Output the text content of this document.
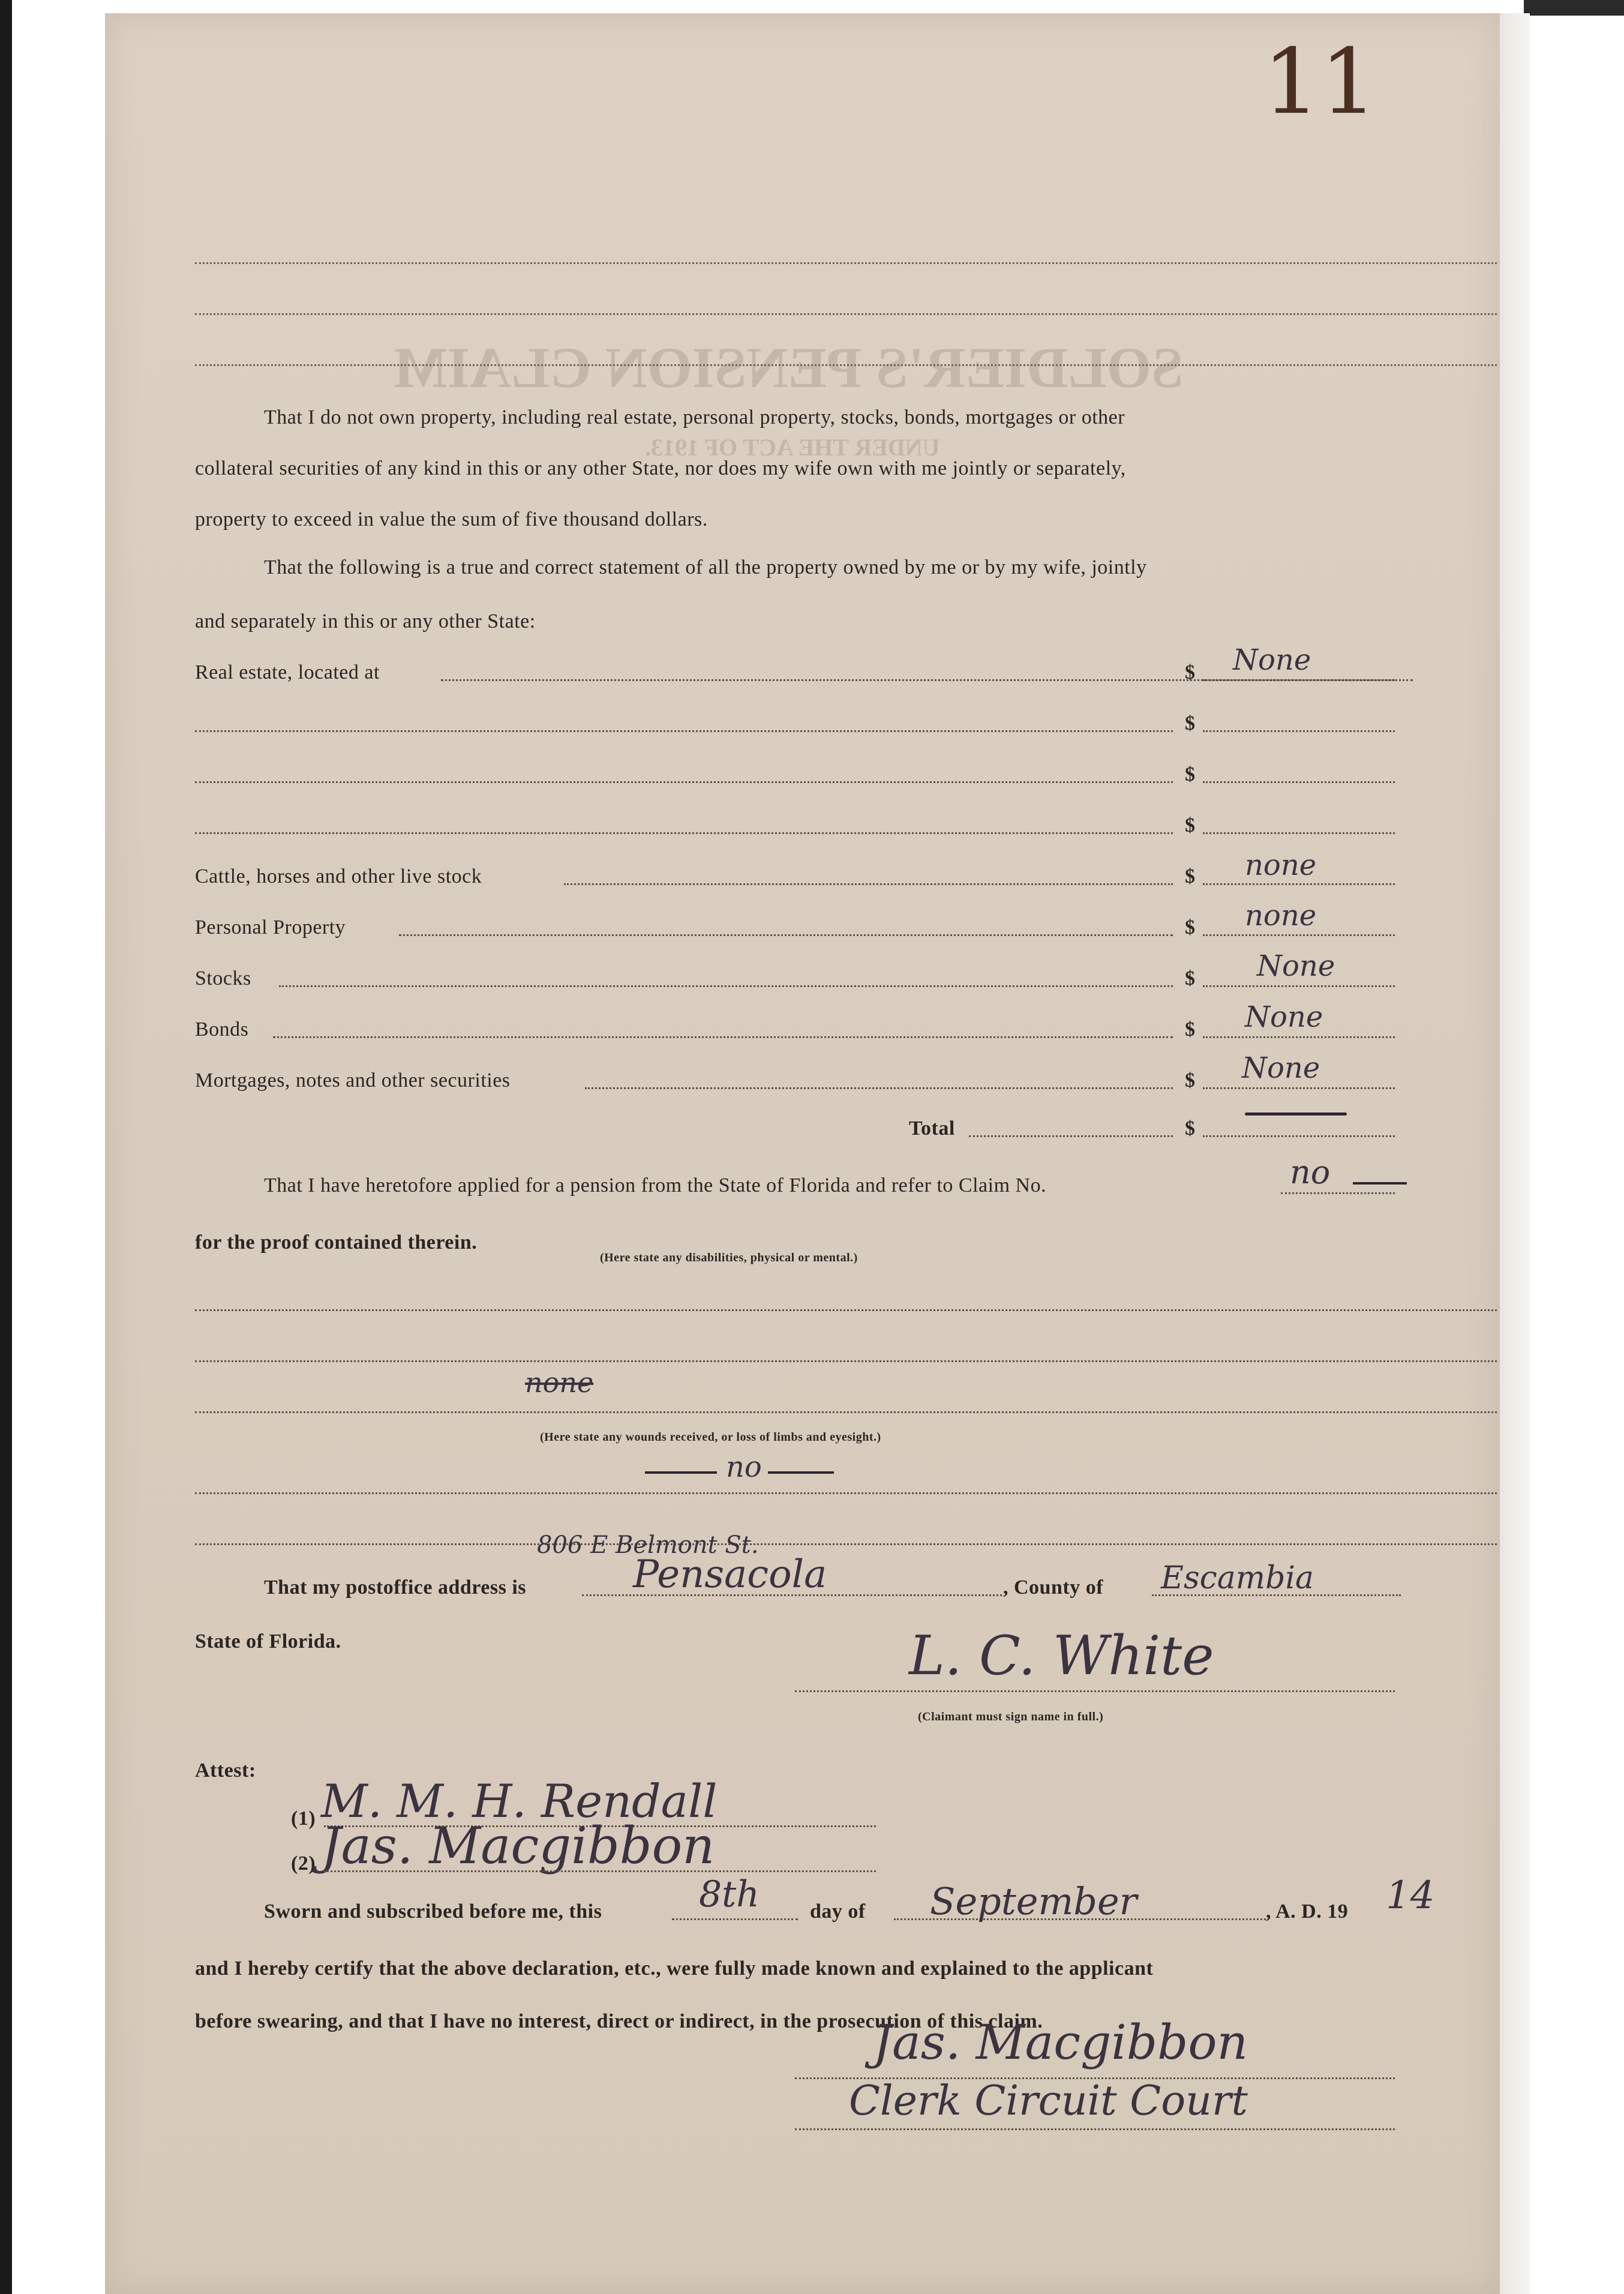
SOLDIER'S PENSION CLAIM
UNDER THE ACT OF 1913.
11
That I do not own property, including real estate, personal property, stocks, bonds, mortgages or other
collateral securities of any kind in this or any other State, nor does my wife own with me jointly or separately,
property to exceed in value the sum of five thousand dollars.
That the following is a true and correct statement of all the property owned by me or by my wife, jointly
and separately in this or any other State:
Real estate, located at	$ None
$
$
$
Cattle, horses and other live stock	$ none
Personal Property	$ none
Stocks	$ None
Bonds	$ None
Mortgages, notes and other securities	$ None
Total	$
That I have heretofore applied for a pension from the State of Florida and refer to Claim No.	no
for the proof contained therein.
(Here state any disabilities, physical or mental.)
none
(Here state any wounds received, or loss of limbs and eyesight.)
no
806 E Belmont St.
That my postoffice address is	Pensacola	, County of Escambia
State of Florida.	L. C. White
(Claimant must sign name in full.)
Attest:
(1) M. M. H. Rendall
(2) Jas. Macgibbon
Sworn and subscribed before me, this	8th day of September	, A. D. 19 14
and I hereby certify that the above declaration, etc., were fully made known and explained to the applicant
before swearing, and that I have no interest, direct or indirect, in the prosecution of this claim.
Jas. Macgibbon
Clerk Circuit Court
